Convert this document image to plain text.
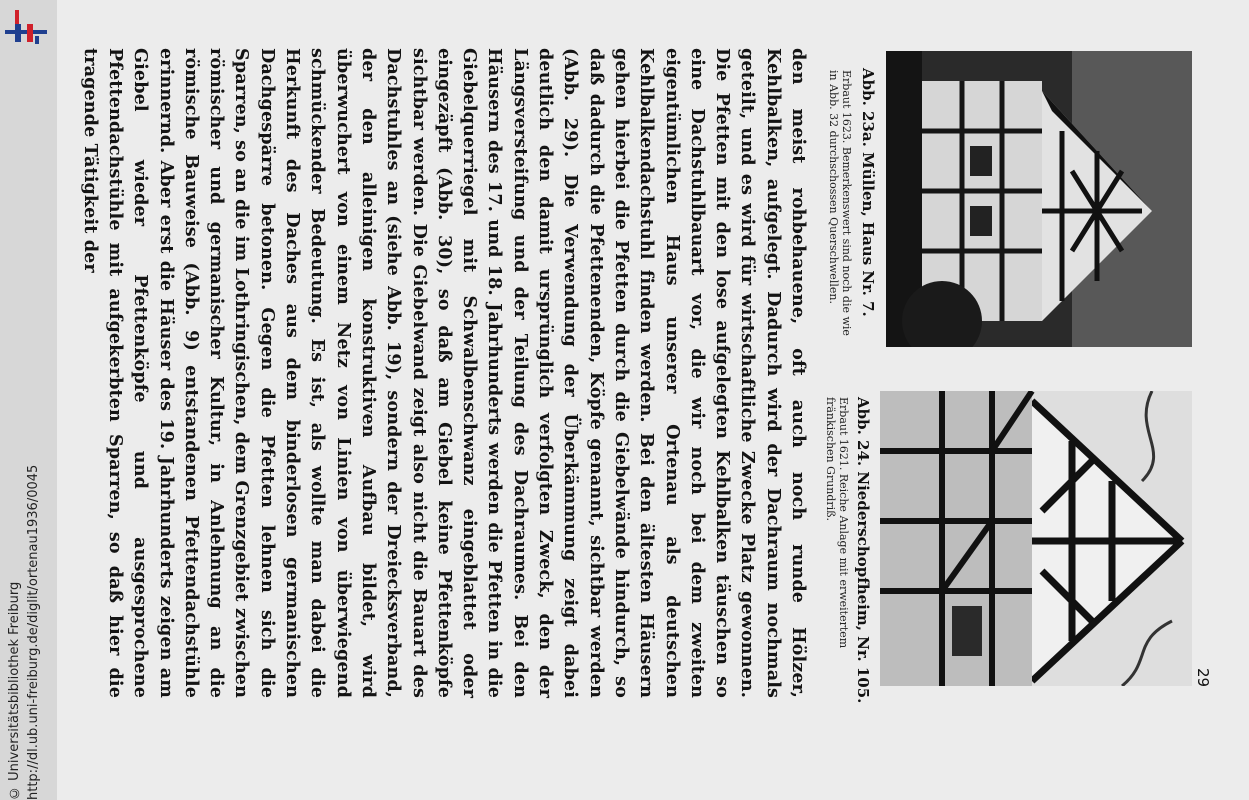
http://dl.ub.uni-freiburg.de/diglit/ortenau1936/0045
© Universitätsbibliothek Freiburg	29
Abb. 23a. Müllen, Haus Nr. 7.
Erbaut 1623. Bemerkenswert sind noch die wie in Abb. 32 durchschossen Querschwellen.
Abb. 24. Niederschopfheim, Nr. 105.
Erbaut 1621. Reiche Anlage mit erweitertem fränkischen Grundriß.

den meist rohbehauene, oft auch noch runde Hölzer, Kehlbalken, aufgelegt. Dadurch wird der Dachraum nochmals geteilt, und es wird für wirtschaftliche Zwecke Platz gewonnen. Die Pfetten mit den lose aufgelegten Kehlbalken täuschen so eine Dachstuhlbauart vor, die wir noch bei dem zweiten eigentümlichen Haus unserer Ortenau als deutschen Kehlbalkendachstuhl finden werden. Bei den ältesten Häusern gehen hierbei die Pfetten durch die Giebelwände hindurch, so daß dadurch die Pfettenenden, Köpfe genannt, sichtbar werden (Abb. 29). Die Verwendung der Überkämmung zeigt dabei deutlich den damit ursprünglich verfolgten Zweck, den der Längsversteifung und der Teilung des Dachraumes. Bei den Häusern des 17. und 18. Jahrhunderts werden die Pfetten in die Giebelquerriegel mit Schwalbenschwanz eingeblattet oder eingezäpft (Abb. 30), so daß am Giebel keine Pfettenköpfe sichtbar werden. Die Giebelwand zeigt also nicht die Bauart des Dachstuhles an (siehe Abb. 19), sondern der Dreiecksverband, der den alleinigen konstruktiven Aufbau bildet, wird überwuchert von einem Netz von Linien von überwiegend schmückender Bedeutung. Es ist, als wollte man dabei die Herkunft des Daches aus dem binderlosen germanischen Dachgespärre betonen. Gegen die Pfetten lehnen sich die Sparren, so an die im Lothringischen, dem Grenzgebiet zwischen römischer und germanischer Kultur, in Anlehnung an die römische Bauweise (Abb. 9) entstandenen Pfettendachstühle erinnernd. Aber erst die Häuser des 19. Jahrhunderts zeigen am Giebel wieder Pfettenköpfe und ausgesprochene Pfettendachstühle mit aufgekerbten Sparren, so daß hier die tragende Tätigkeit der
